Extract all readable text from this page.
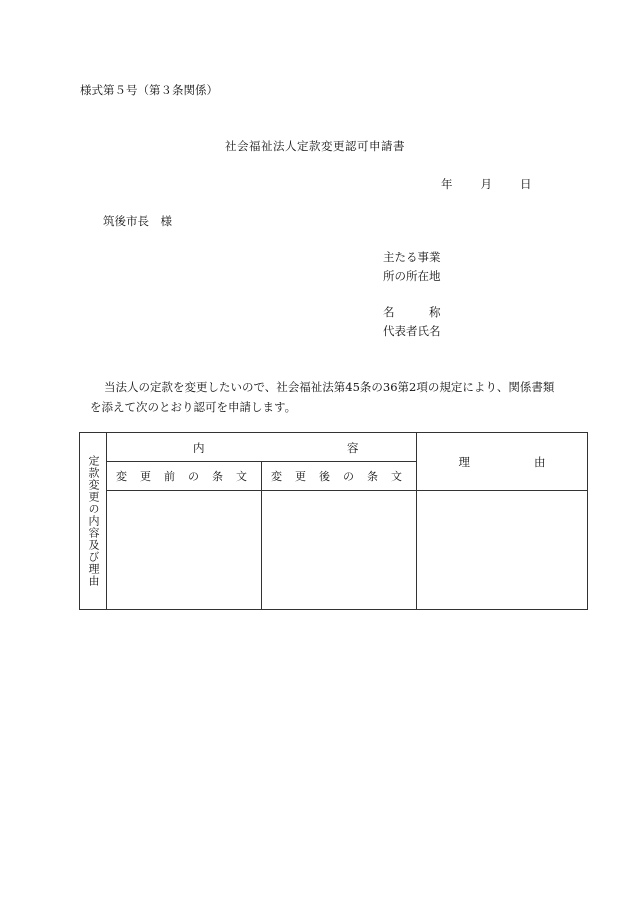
様式第５号（第３条関係）
社会福祉法人定款変更認可申請書
年 月 日
筑後市長　様
主たる事業
所の所在地
名　　　称
代表者氏名
当法人の定款を変更したいので、社会福祉法第45条の36第2項の規定により、関係書類
を添えて次のとおり認可を申請します。
定款変更の内容及び理由	内 容		理 由
	変更前の条文	変更後の条文	
